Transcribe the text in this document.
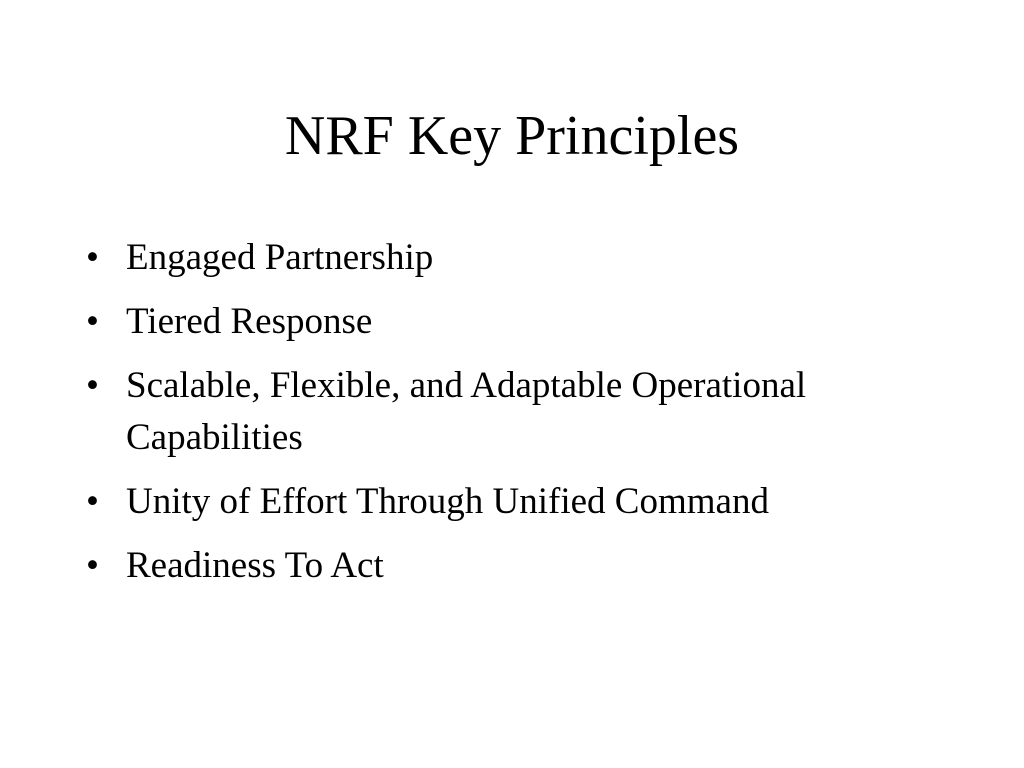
NRF Key Principles
• Engaged Partnership
• Tiered Response
• Scalable, Flexible, and Adaptable Operational Capabilities
• Unity of Effort Through Unified Command
• Readiness To Act
